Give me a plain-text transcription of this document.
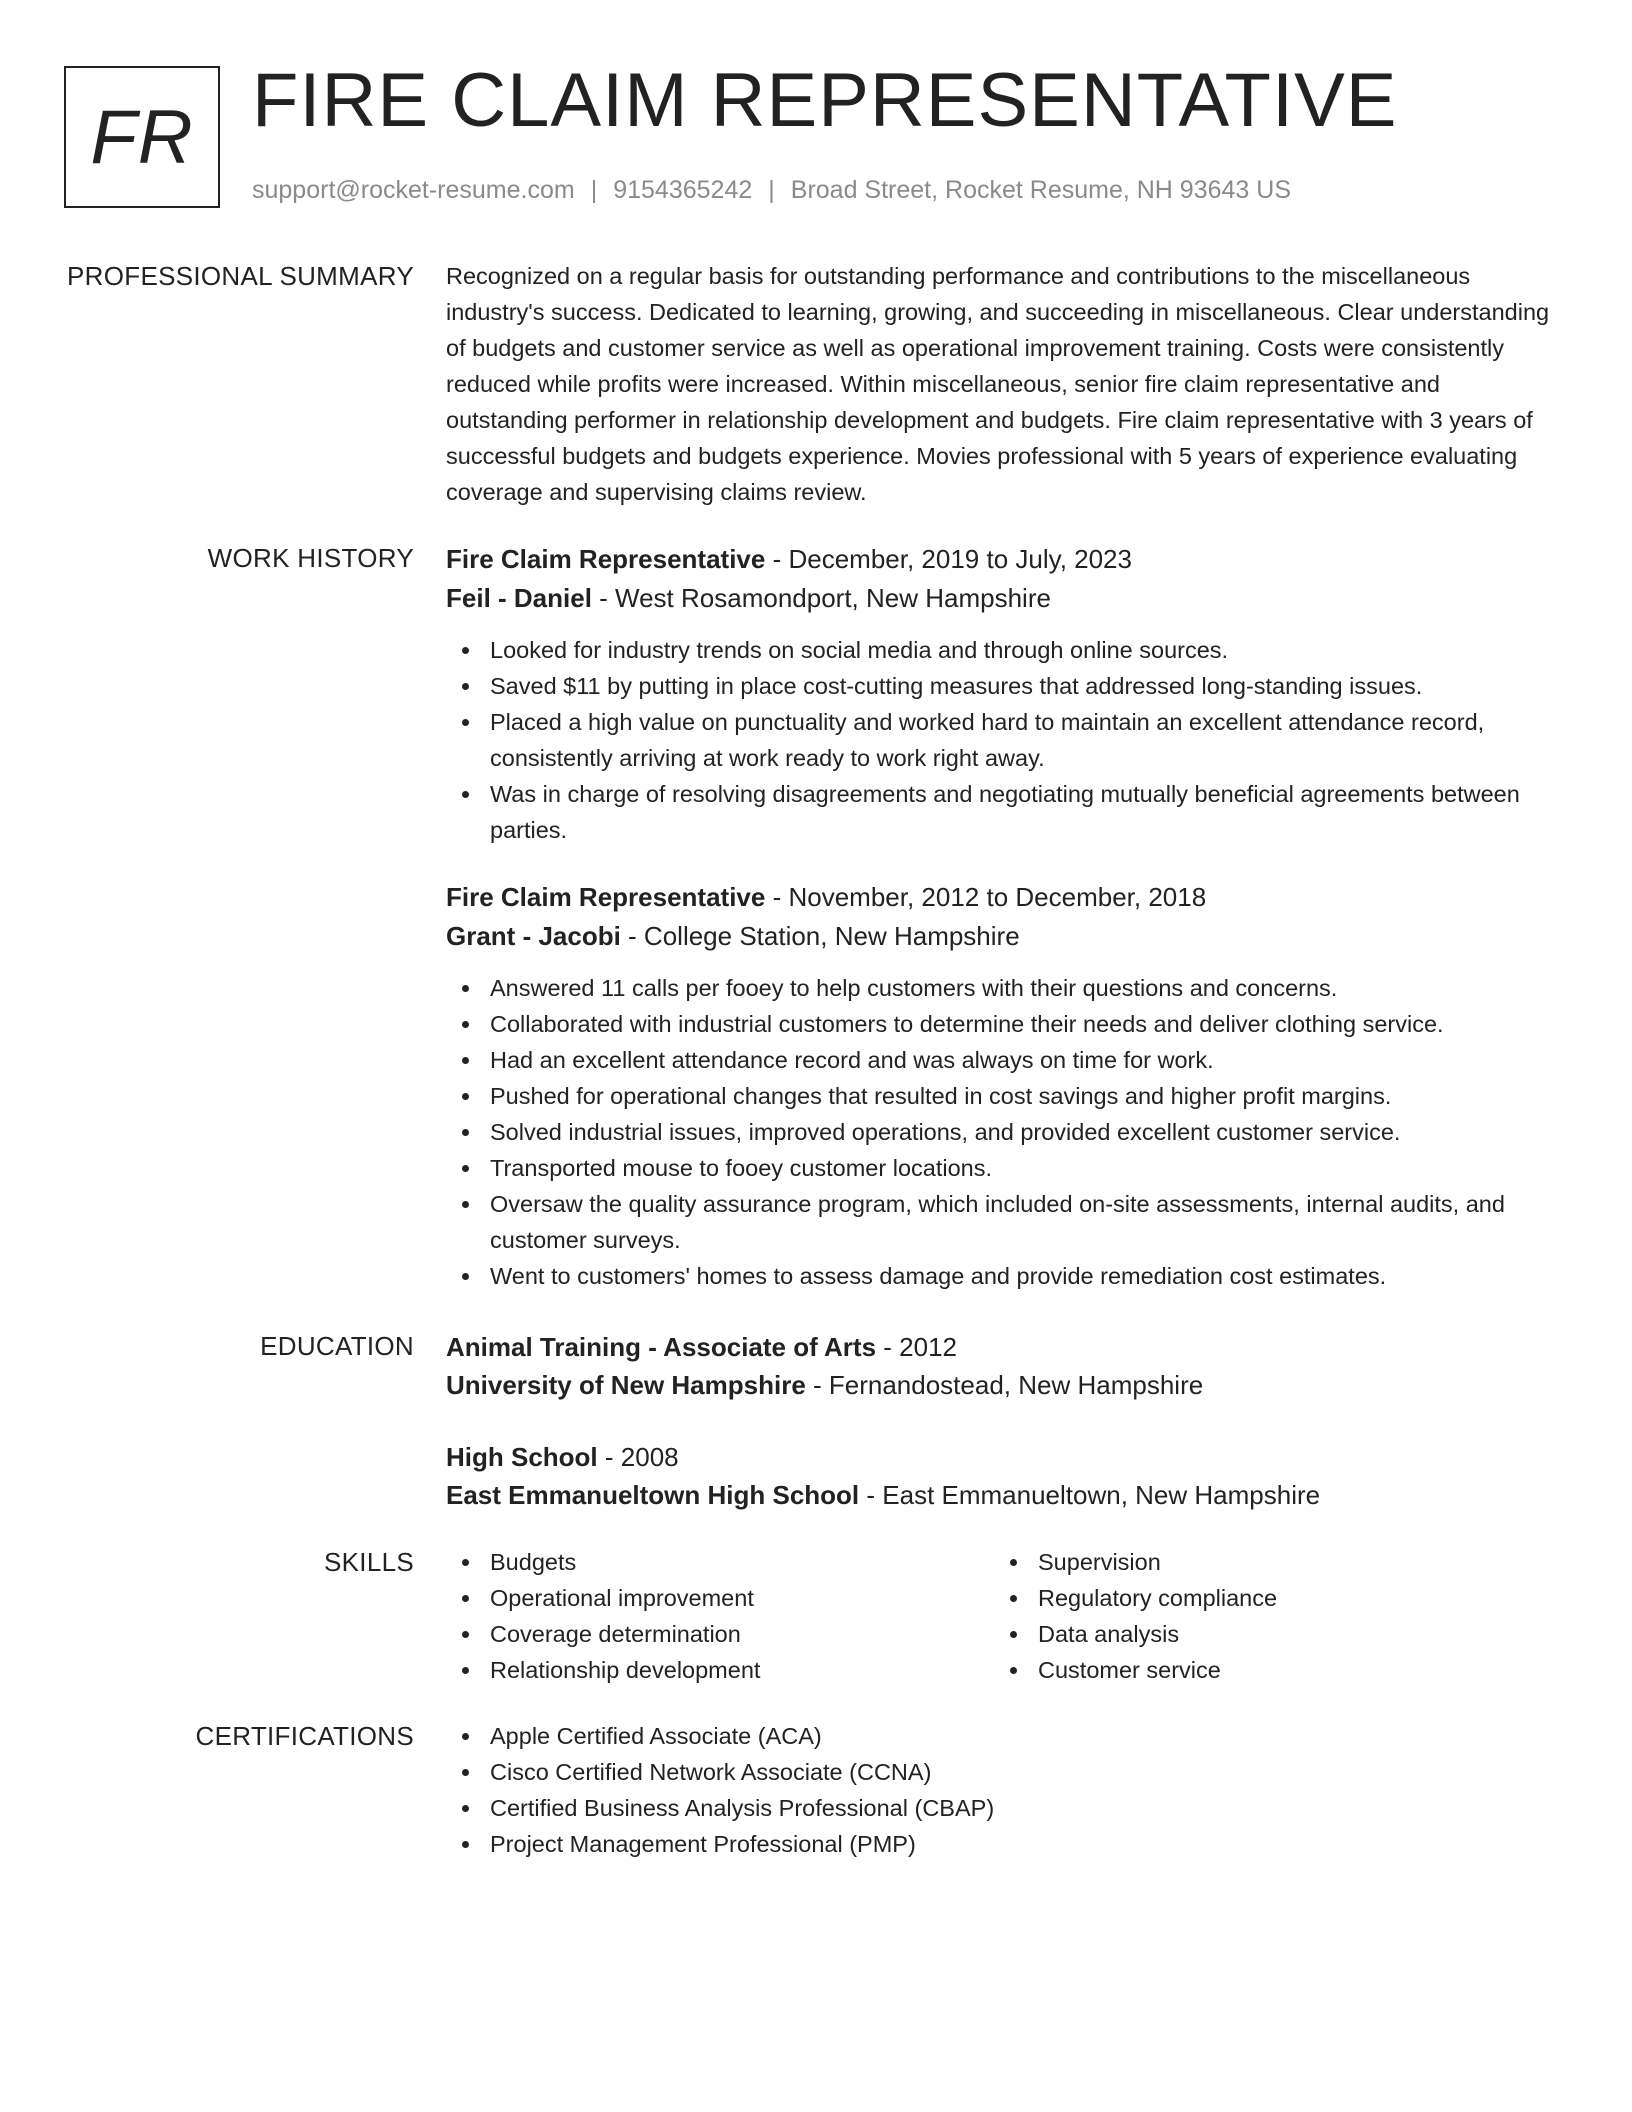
FR FIRE CLAIM REPRESENTATIVE
support@rocket-resume.com | 9154365242 | Broad Street, Rocket Resume, NH 93643 US
PROFESSIONAL SUMMARY Recognized on a regular basis for outstanding performance and contributions to the miscellaneous industry's success. Dedicated to learning, growing, and succeeding in miscellaneous. Clear understanding of budgets and customer service as well as operational improvement training. Costs were consistently reduced while profits were increased. Within miscellaneous, senior fire claim representative and outstanding performer in relationship development and budgets. Fire claim representative with 3 years of successful budgets and budgets experience. Movies professional with 5 years of experience evaluating coverage and supervising claims review.

WORK HISTORY Fire Claim Representative - December, 2019 to July, 2023
Feil - Daniel - West Rosamondport, New Hampshire
Looked for industry trends on social media and through online sources.
Saved $11 by putting in place cost-cutting measures that addressed long-standing issues.
Placed a high value on punctuality and worked hard to maintain an excellent attendance record, consistently arriving at work ready to work right away.
Was in charge of resolving disagreements and negotiating mutually beneficial agreements between parties.
Fire Claim Representative - November, 2012 to December, 2018
Grant - Jacobi - College Station, New Hampshire
Answered 11 calls per fooey to help customers with their questions and concerns.
Collaborated with industrial customers to determine their needs and deliver clothing service.
Had an excellent attendance record and was always on time for work.
Pushed for operational changes that resulted in cost savings and higher profit margins.
Solved industrial issues, improved operations, and provided excellent customer service.
Transported mouse to fooey customer locations.
Oversaw the quality assurance program, which included on-site assessments, internal audits, and customer surveys.
Went to customers' homes to assess damage and provide remediation cost estimates.
EDUCATION Animal Training - Associate of Arts - 2012
University of New Hampshire - Fernandostead, New Hampshire
High School - 2008
East Emmanueltown High School - East Emmanueltown, New Hampshire
SKILLS	Budgets
Operational improvement
Coverage determination
Relationship development
Supervision
Regulatory compliance
Data analysis
Customer service
CERTIFICATIONS	Apple Certified Associate (ACA)
Cisco Certified Network Associate (CCNA)
Certified Business Analysis Professional (CBAP)
Project Management Professional (PMP)
